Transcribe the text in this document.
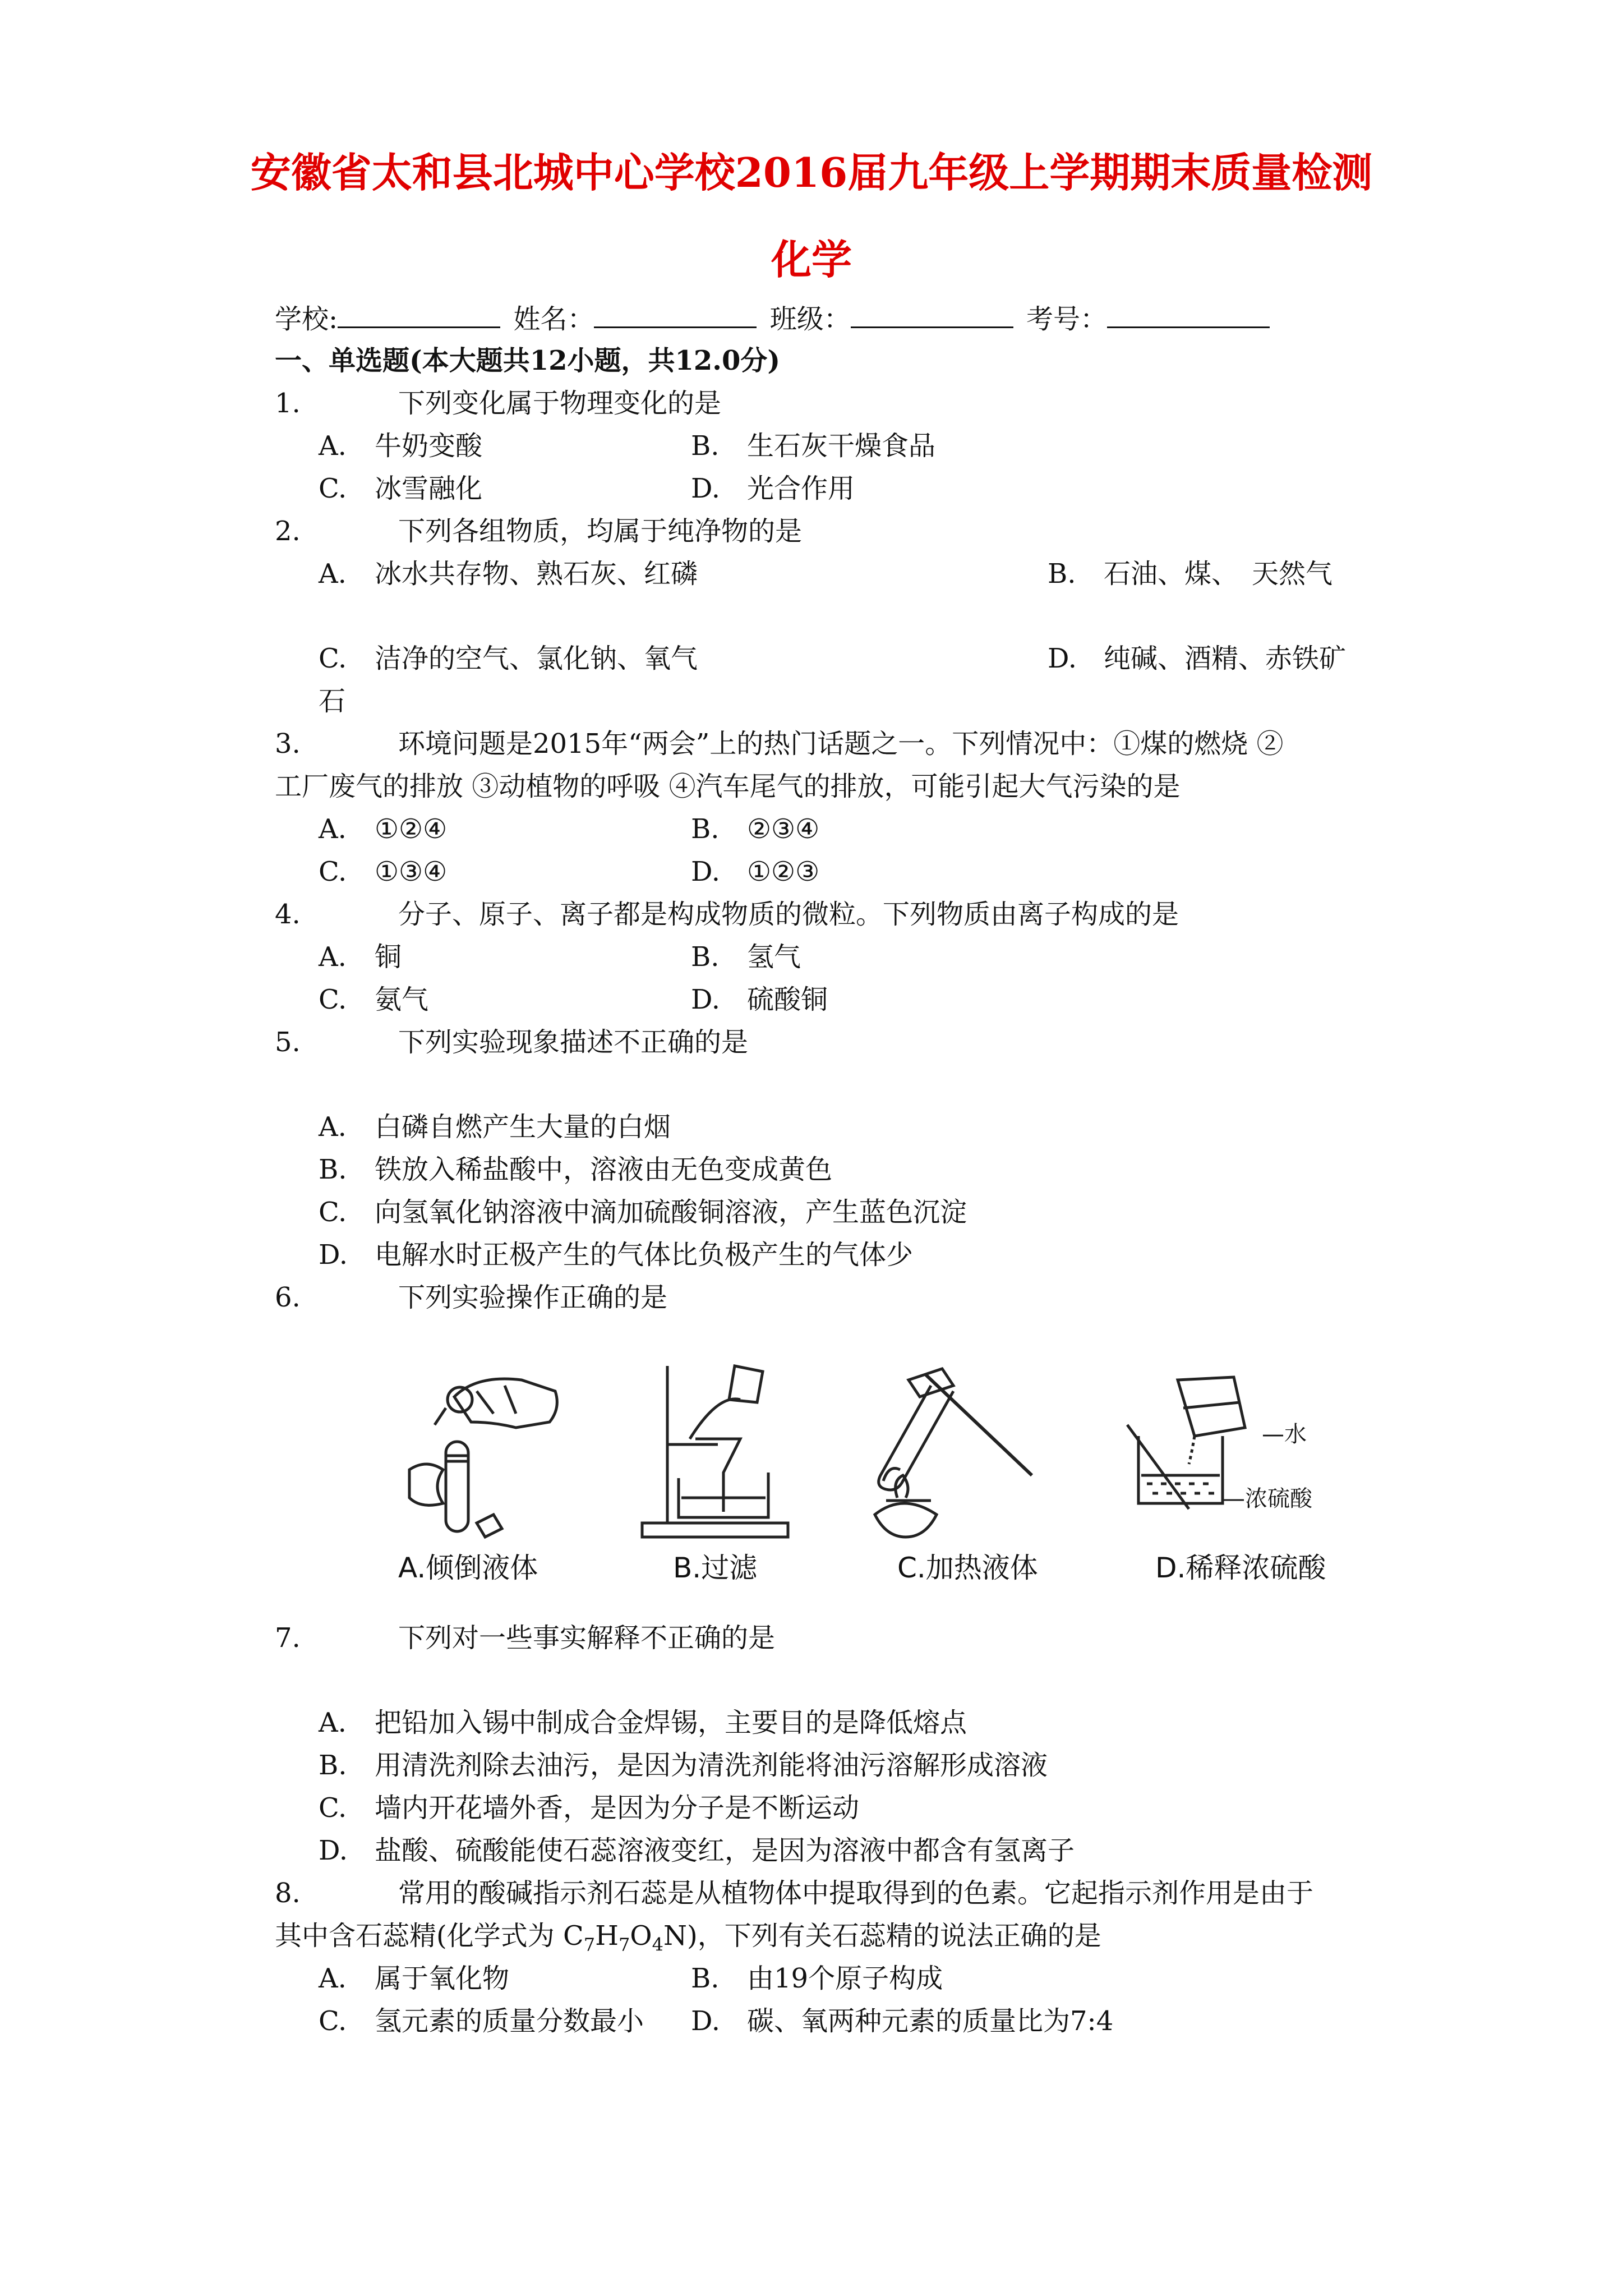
安徽省太和县北城中心学校2016届九年级上学期期末质量检测
化学
学校:	姓名：	班级：	考号：
一、单选题(本大题共12小题，共12.0分)
1.	下列变化属于物理变化的是
A. 牛奶变酸	B. 生石灰干燥食品
C. 冰雪融化	D. 光合作用
2.	下列各组物质，均属于纯净物的是
A. 冰水共存物、熟石灰、红磷	B. 石油、煤、　天然气
C. 洁净的空气、氯化钠、氧气	D. 纯碱、酒精、赤铁矿
石
3.	环境问题是2015年“两会”上的热门话题之一。下列情况中：①煤的燃烧 ②
工厂废气的排放 ③动植物的呼吸 ④汽车尾气的排放，可能引起大气污染的是
A. ①②④	B. ②③④
C. ①③④	D. ①②③
4.	分子、原子、离子都是构成物质的微粒。下列物质由离子构成的是
A. 铜	B. 氢气
C. 氨气	D. 硫酸铜
5.	下列实验现象描述不正确的是
A. 白磷自燃产生大量的白烟
B. 铁放入稀盐酸中，溶液由无色变成黄色
C. 向氢氧化钠溶液中滴加硫酸铜溶液，产生蓝色沉淀
D. 电解水时正极产生的气体比负极产生的气体少
6.	下列实验操作正确的是
A.倾倒液体	B.过滤	C.加热液体
—水
—浓硫酸
D.稀释浓硫酸
7.	下列对一些事实解释不正确的是
A. 把铅加入锡中制成合金焊锡，主要目的是降低熔点
B. 用清洗剂除去油污，是因为清洗剂能将油污溶解形成溶液
C. 墙内开花墙外香，是因为分子是不断运动
D. 盐酸、硫酸能使石蕊溶液变红，是因为溶液中都含有氢离子
8.	常用的酸碱指示剂石蕊是从植物体中提取得到的色素。它起指示剂作用是由于
其中含石蕊精(化学式为 $C_7H_7O_4N$)，下列有关石蕊精的说法正确的是
A. 属于氧化物	B. 由19个原子构成
C. 氢元素的质量分数最小 D. 碳、氧两种元素的质量比为7:4
